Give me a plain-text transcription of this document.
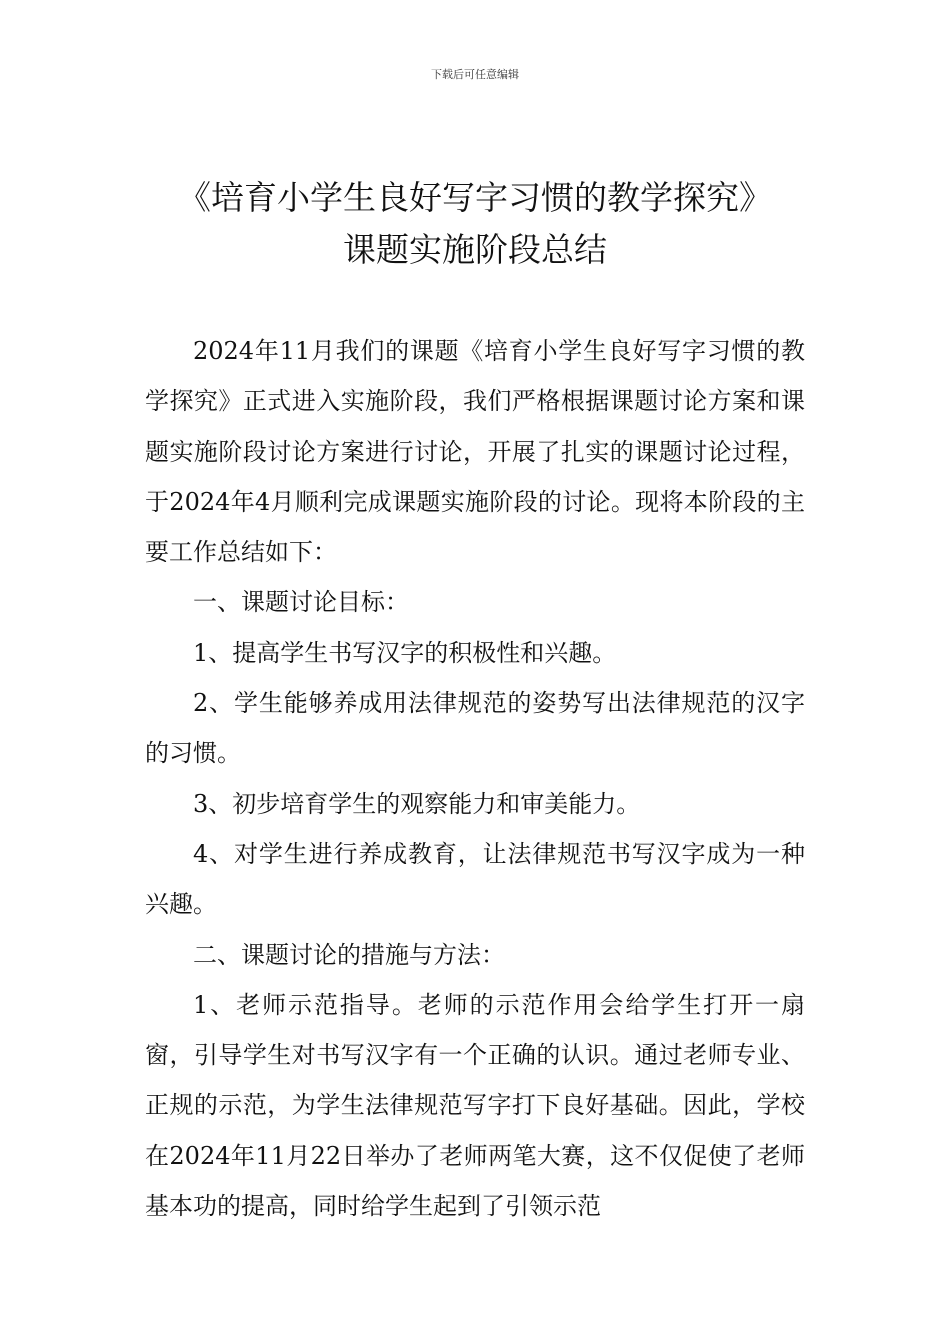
下载后可任意编辑
《培育小学生良好写字习惯的教学探究》
课题实施阶段总结

2024年11月我们的课题《培育小学生良好写字习惯的教学探究》正式进入实施阶段，我们严格根据课题讨论方案和课题实施阶段讨论方案进行讨论，开展了扎实的课题讨论过程，于2024年4月顺利完成课题实施阶段的讨论。现将本阶段的主要工作总结如下：

一、课题讨论目标：

1、提高学生书写汉字的积极性和兴趣。

2、学生能够养成用法律规范的姿势写出法律规范的汉字的习惯。

3、初步培育学生的观察能力和审美能力。

4、对学生进行养成教育，让法律规范书写汉字成为一种兴趣。

二、课题讨论的措施与方法：

1、老师示范指导。老师的示范作用会给学生打开一扇窗，引导学生对书写汉字有一个正确的认识。通过老师专业、正规的示范，为学生法律规范写字打下良好基础。因此，学校在2024年11月22日举办了老师两笔大赛，这不仅促使了老师基本功的提高，同时给学生起到了引领示范
